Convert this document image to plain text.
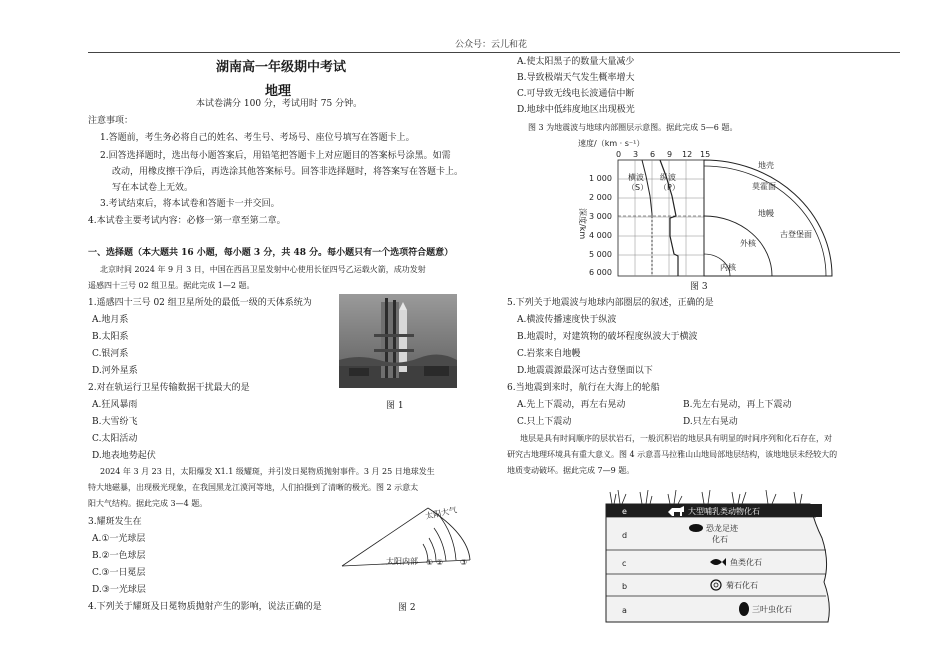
公众号：云儿和花
湖南高一年级期中考试
地理
本试卷满分 100 分，考试用时 75 分钟。
注意事项：
1.答题前，考生务必将自己的姓名、考生号、考场号、座位号填写在答题卡上。
2.回答选择题时，选出每小题答案后，用铅笔把答题卡上对应题目的答案标号涂黑。如需
改动，用橡皮擦干净后，再选涂其他答案标号。回答非选择题时，将答案写在答题卡上。
写在本试卷上无效。
3.考试结束后，将本试卷和答题卡一并交回。
4.本试卷主要考试内容：必修一第一章至第二章。
一、选择题（本大题共 16 小题，每小题 3 分，共 48 分。每小题只有一个选项符合题意）
北京时间 2024 年 9 月 3 日，中国在西昌卫星发射中心使用长征四号乙运载火箭，成功发射
遥感四十三号 02 组卫星。据此完成 1—2 题。
1.遥感四十三号 02 组卫星所处的最低一级的天体系统为
A.地月系
B.太阳系
C.银河系
D.河外星系
2.对在轨运行卫星传输数据干扰最大的是
A.狂风暴雨
B.大雪纷飞
C.太阳活动
D.地表地势起伏
图 1
2024 年 3 月 23 日，太阳爆发 X1.1 级耀斑，并引发日冕物质抛射事件。3 月 25 日地球发生
特大地磁暴，出现极光现象，在我国黑龙江漠河等地，人们拍摄到了清晰的极光。图 2 示意太
阳大气结构。据此完成 3—4 题。
3.耀斑发生在
A.①一光球层
B.②一色球层
C.③一日冕层
D.③一光球层
4.下列关于耀斑及日冕物质抛射产生的影响，说法正确的是
太阳大气
太阳内部 ① ② ③
图 2
A.使太阳黑子的数量大量减少
B.导致极端天气发生概率增大
C.可导致无线电长波通信中断
D.地球中低纬度地区出现极光
图 3 为地震波与地球内部圈层示意图。据此完成 5—6 题。
速度/（km · s⁻¹）
0 3 6 9 12 15
1 000
2 000
3 000
4 000
5 000
6 000
深度/km
横波
（S）
纵波
（P）
地壳
莫霍面
地幔
古登堡面
外核
内核
图 3
5.下列关于地震波与地球内部圈层的叙述，正确的是
A.横波传播速度快于纵波
B.地震时，对建筑物的破坏程度纵波大于横波
C.岩浆来自地幔
D.地震震源最深可达古登堡面以下
6.当地震到来时，航行在大海上的轮船
A.先上下震动，再左右晃动	B.先左右晃动，再上下震动
C.只上下震动	D.只左右晃动
地层是具有时间顺序的层状岩石，一般沉积岩的地层具有明显的时间序列和化石存在，对
研究古地理环境具有重大意义。图 4 示意喜马拉雅山山地局部地层结构，该地地层未经较大的
地质变动破坏。据此完成 7—9 题。
e
d
c
b
a
大型哺乳类动物化石
恐龙足迹
化石
鱼类化石
菊石化石
三叶虫化石
